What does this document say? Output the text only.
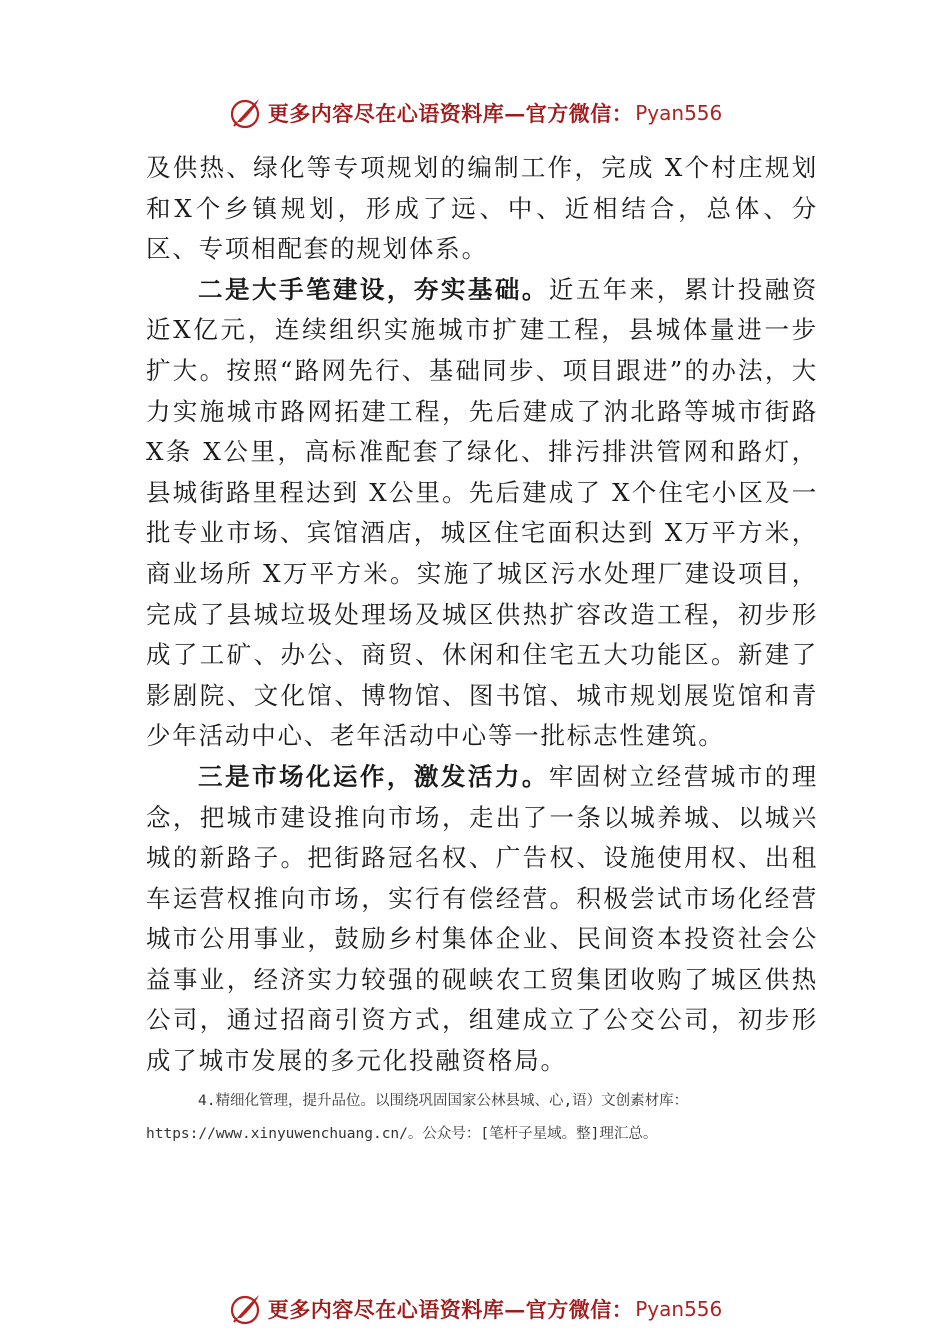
更多内容尽在心语资料库—官方微信： Pyan556

及供热、绿化等专项规划的编制工作，完成 X个村庄规划和X个乡镇规划，形成了远、中、近相结合，总体、分区、专项相配套的规划体系。

二是大手笔建设，夯实基础。近五年来，累计投融资近X亿元，连续组织实施城市扩建工程，县城体量进一步扩大。按照“路网先行、基础同步、项目跟进”的办法，大力实施城市路网拓建工程，先后建成了汭北路等城市街路 X条 X公里，高标准配套了绿化、排污排洪管网和路灯，县城街路里程达到 X公里。先后建成了 X个住宅小区及一批专业市场、宾馆酒店，城区住宅面积达到 X万平方米，商业场所 X万平方米。实施了城区污水处理厂建设项目，完成了县城垃圾处理场及城区供热扩容改造工程，初步形成了工矿、办公、商贸、休闲和住宅五大功能区。新建了影剧院、文化馆、博物馆、图书馆、城市规划展览馆和青少年活动中心、老年活动中心等一批标志性建筑。

三是市场化运作，激发活力。牢固树立经营城市的理念，把城市建设推向市场，走出了一条以城养城、以城兴城的新路子。把街路冠名权、广告权、设施使用权、出租车运营权推向市场，实行有偿经营。积极尝试市场化经营城市公用事业，鼓励乡村集体企业、民间资本投资社会公益事业，经济实力较强的砚峡农工贸集团收购了城区供热公司，通过招商引资方式，组建成立了公交公司，初步形成了城市发展的多元化投融资格局。

4.精细化管理，提升品位。以围绕巩固国家公林县城、心,语）文创素材库：
https://www.xinyuwenchuang.cn/。公众号：[笔杆子星域。整]理汇总。
更多内容尽在心语资料库—官方微信： Pyan556
